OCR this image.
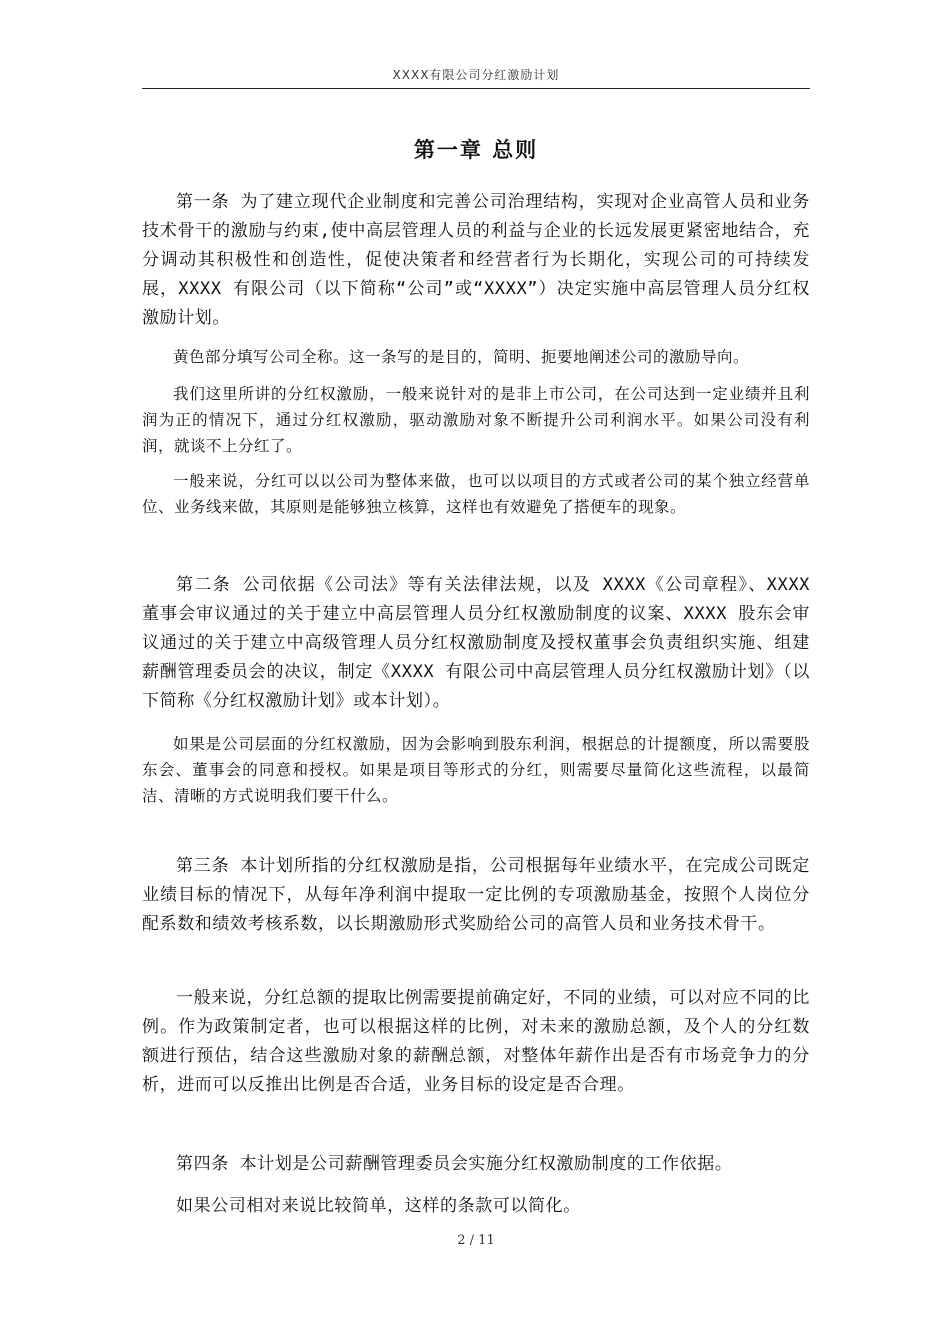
XXXX有限公司分红激励计划
第一章 总则

第一条 为了建立现代企业制度和完善公司治理结构，实现对企业高管人员和业务技术骨干的激励与约束,使中高层管理人员的利益与企业的长远发展更紧密地结合，充分调动其积极性和创造性，促使决策者和经营者行为长期化，实现公司的可持续发展，XXXX 有限公司（以下简称“公司”或“XXXX”）决定实施中高层管理人员分红权激励计划。

黄色部分填写公司全称。这一条写的是目的，简明、扼要地阐述公司的激励导向。

我们这里所讲的分红权激励，一般来说针对的是非上市公司，在公司达到一定业绩并且利润为正的情况下，通过分红权激励，驱动激励对象不断提升公司利润水平。如果公司没有利润，就谈不上分红了。

一般来说，分红可以以公司为整体来做，也可以以项目的方式或者公司的某个独立经营单位、业务线来做，其原则是能够独立核算，这样也有效避免了搭便车的现象。

第二条 公司依据《公司法》等有关法律法规，以及 XXXX《公司章程》、XXXX 董事会审议通过的关于建立中高层管理人员分红权激励制度的议案、XXXX 股东会审议通过的关于建立中高级管理人员分红权激励制度及授权董事会负责组织实施、组建薪酬管理委员会的决议，制定《XXXX 有限公司中高层管理人员分红权激励计划》（以下简称《分红权激励计划》或本计划）。

如果是公司层面的分红权激励，因为会影响到股东利润，根据总的计提额度，所以需要股东会、董事会的同意和授权。如果是项目等形式的分红，则需要尽量简化这些流程，以最简洁、清晰的方式说明我们要干什么。

第三条 本计划所指的分红权激励是指，公司根据每年业绩水平，在完成公司既定业绩目标的情况下，从每年净利润中提取一定比例的专项激励基金，按照个人岗位分配系数和绩效考核系数，以长期激励形式奖励给公司的高管人员和业务技术骨干。

一般来说，分红总额的提取比例需要提前确定好，不同的业绩，可以对应不同的比例。作为政策制定者，也可以根据这样的比例，对未来的激励总额，及个人的分红数额进行预估，结合这些激励对象的薪酬总额，对整体年薪作出是否有市场竞争力的分析，进而可以反推出比例是否合适，业务目标的设定是否合理。

第四条 本计划是公司薪酬管理委员会实施分红权激励制度的工作依据。

如果公司相对来说比较简单，这样的条款可以简化。

2 / 11
